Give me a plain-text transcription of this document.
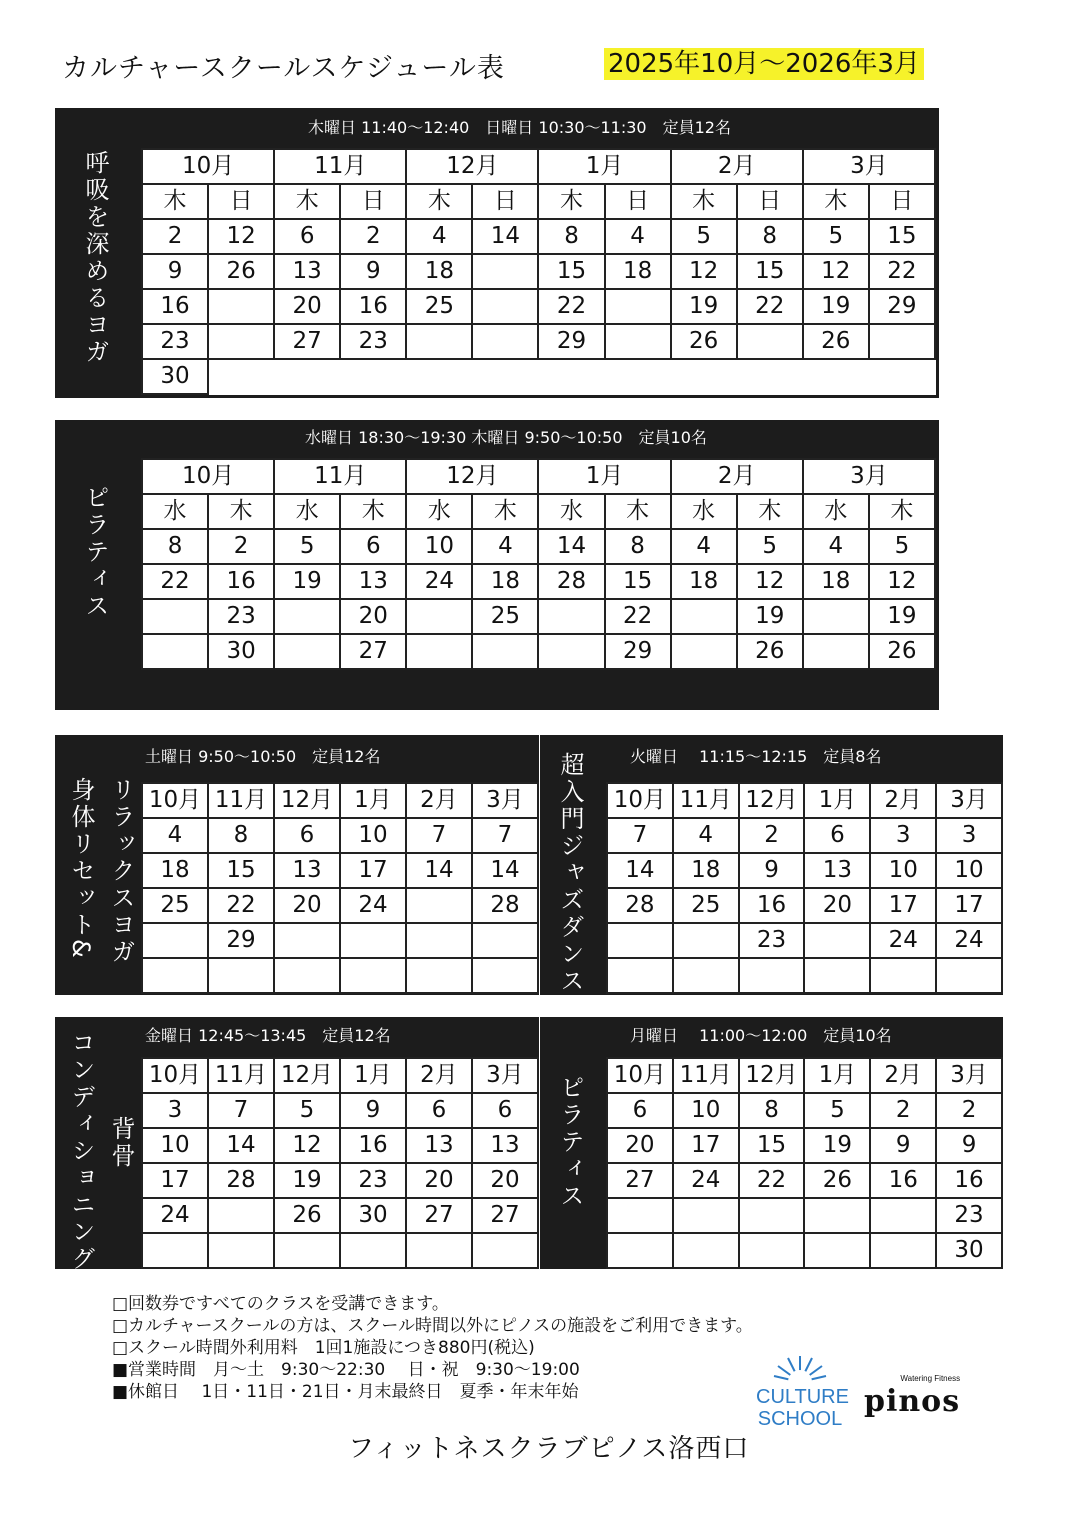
カルチャースクールスケジュール表	2025年10月～2026年3月
呼吸を深めるヨガ
木曜日 11:40～12:40　日曜日 10:30～11:30　定員12名
10月		11月		12月		1月		2月		3月	
木	日	木	日	木	日	木	日	木	日	木	日
2	12	6	2	4	14	8	4	5	8	5	15
9	26	13	9	18		15	18	12	15	12	22
16		20	16	25		22		19	22	19	29
23		27	23			29		26		26	
30											
ピラティス
水曜日 18:30～19:30 木曜日 9:50～10:50　定員10名
10月		11月		12月		1月		2月		3月	
水	木	水	木	水	木	水	木	水	木	水	木
8	2	5	6	10	4	14	8	4	5	4	5
22	16	19	13	24	18	28	15	18	12	18	12
	23		20		25		22		19		19
	30		27				29		26		26
身体リセット& リラックスヨガ
土曜日 9:50～10:50　定員12名
10月	11月	12月	1月	2月	3月
4	8	6	10	7	7
18	15	13	17	14	14
25	22	20	24		28
	29				
						超入門ジャズダンス	火曜日　 11:15～12:15　定員8名
10月	11月	12月	1月	2月	3月
7	4	2	6	3	3
14	18	9	13	10	10
28	25	16	20	17	17
		23		24	24

コンディショニング 背骨
金曜日 12:45～13:45　定員12名
10月	11月	12月	1月	2月	3月
3	7	5	9	6	6
10	14	12	16	13	13
17	28	19	23	20	20
24		26	30	27	27

ピラティス
月曜日　 11:00～12:00　定員10名
10月	11月	12月	1月	2月	3月
6	10	8	5	2	2
20	17	15	19	9	9
27	24	22	26	16	16
					23
					30
□回数券ですべてのクラスを受講できます。
□カルチャースクールの方は、スクール時間以外にピノスの施設をご利用できます。
□スクール時間外利用料　1回1施設につき880円(税込)
■営業時間　月～土　9:30～22:30　 日・祝　9:30～19:00
■休館日　 1日・11日・21日・月末最終日　夏季・年末年始
フィットネスクラブピノス洛西口
CULTURE
SCHOOL
Watering Fitness
pinos
